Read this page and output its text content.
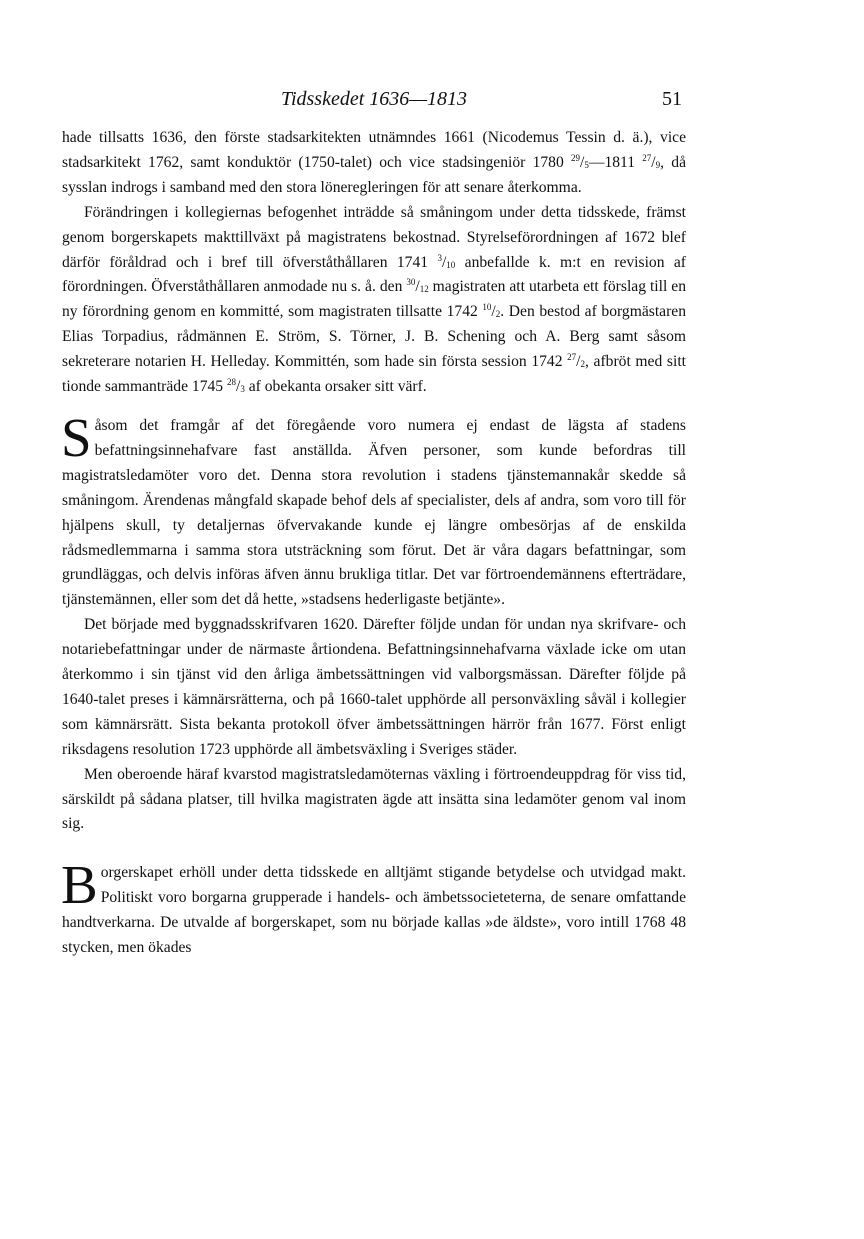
Tidsskedet 1636—1813	51

hade tillsatts 1636, den förste stadsarkitekten utnämndes 1661 (Nicodemus Tessin d. ä.), vice stadsarkitekt 1762, samt konduktör (1750-talet) och vice stadsingeniör 1780 $^{29}/_5—1811$ $^{27}/_9$, då sysslan indrogs i samband med den stora löneregleringen för att senare återkomma.

Förändringen i kollegiernas befogenhet inträdde så småningom under detta tidsskede, främst genom borgerskapets makttillväxt på magistratens bekostnad. Styrelseförordningen af 1672 blef därför föråldrad och i bref till öfverståthållaren 1741 $^3/_{10}$ anbefallde k. m:t en revision af förordningen. Öfverståthållaren anmodade nu s. å. den $^{30}/_{12}$ magistraten att utarbeta ett förslag till en ny förordning genom en kommitté, som magistraten tillsatte 1742 $^{10}/_2$. Den bestod af borgmästaren Elias Torpadius, rådmännen E. Ström, S. Törner, J. B. Schening och A. Berg samt såsom sekreterare notarien H. Helleday. Kommittén, som hade sin första session 1742 $^{27}/_2$, afbröt med sitt tionde sammanträde 1745 $^{28}/_3$ af obekanta orsaker sitt värf.

Såsom det framgår af det föregående voro numera ej endast de lägsta af stadens befattningsinnehafvare fast anställda. Äfven personer, som kunde befordras till magistratsledamöter voro det. Denna stora revolution i stadens tjänstemannakår skedde så småningom. Ärendenas mångfald skapade behof dels af specialister, dels af andra, som voro till för hjälpens skull, ty detaljernas öfvervakande kunde ej längre ombesörjas af de enskilda rådsmedlemmarna i samma stora utsträckning som förut. Det är våra dagars befattningar, som grundläggas, och delvis införas äfven ännu brukliga titlar. Det var förtroendemännens efterträdare, tjänstemännen, eller som det då hette, »stadsens hederligaste betjänte».

Det började med byggnadsskrifvaren 1620. Därefter följde undan för undan nya skrifvare- och notariebefattningar under de närmaste årtiondena. Befattningsinnehafvarna växlade icke om utan återkommo i sin tjänst vid den årliga ämbetssättningen vid valborgsmässan. Därefter följde på 1640-talet preses i kämnärsrätterna, och på 1660-talet upphörde all personväxling såväl i kollegier som kämnärsrätt. Sista bekanta protokoll öfver ämbetssättningen härrör från 1677. Först enligt riksdagens resolution 1723 upphörde all ämbetsväxling i Sveriges städer.

Men oberoende häraf kvarstod magistratsledamöternas växling i förtroendeuppdrag för viss tid, särskildt på sådana platser, till hvilka magistraten ägde att insätta sina ledamöter genom val inom sig.

Borgerskapet erhöll under detta tidsskede en alltjämt stigande betydelse och utvidgad makt. Politiskt voro borgarna grupperade i handels- och ämbetssocieteterna, de senare omfattande handtverkarna. De utvalde af borgerskapet, som nu började kallas »de äldste», voro intill 1768 48 stycken, men ökades
